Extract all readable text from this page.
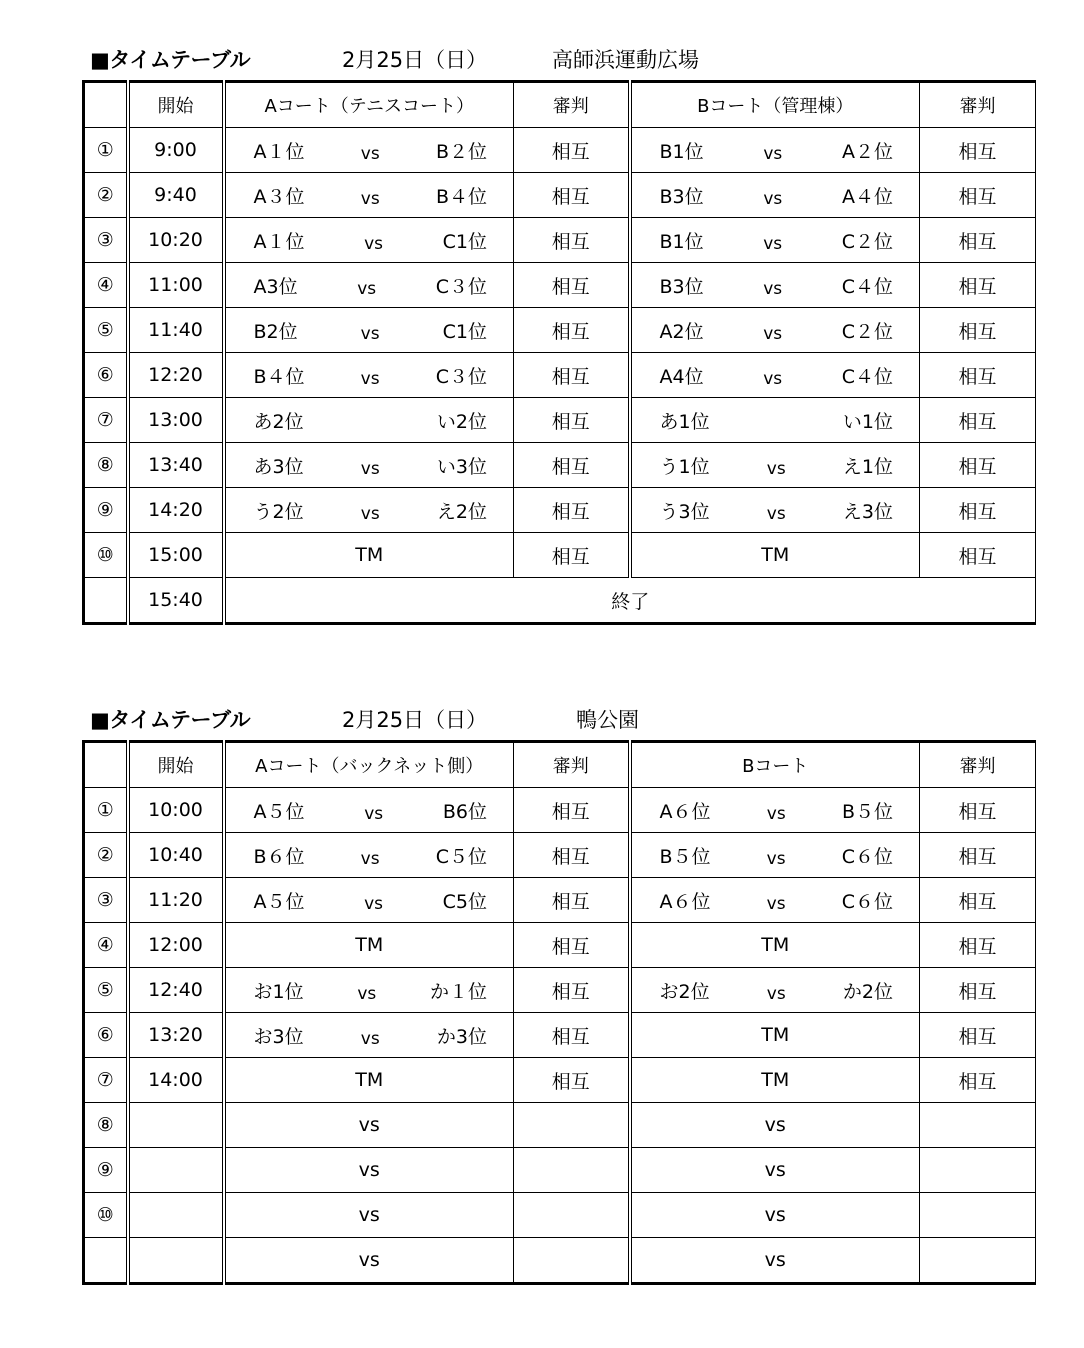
■タイムテーブル	2月25日（日）	高師浜運動広場
	開始	Aコート（テニスコート）	審判	Bコート（管理棟）	審判
①	9:00	A１位 vs B２位	相互	B1位 vs A２位	相互
②	9:40	A３位 vs B４位	相互	B3位 vs A４位	相互
③	10:20	A１位 vs C1位	相互	B1位 vs C２位	相互
④	11:00	A3位 vs C３位	相互	B3位 vs C４位	相互
⑤	11:40	B2位 vs C1位	相互	A2位 vs C２位	相互
⑥	12:20	B４位 vs C３位	相互	A4位 vs C４位	相互
⑦	13:00	あ2位 い2位	相互	あ1位 い1位	相互
⑧	13:40	あ3位 vs い3位	相互	う1位 vs え1位	相互
⑨	14:20	う2位 vs え2位	相互	う3位 vs え3位	相互
⑩	15:00	TM	相互	TM	相互
	15:40	終了			
■タイムテーブル	2月25日（日）	鴨公園
	開始	Aコート（バックネット側）	審判	Bコート	審判
①	10:00	A５位 vs B6位	相互	A６位 vs B５位	相互
②	10:40	B６位 vs C５位	相互	B５位 vs C６位	相互
③	11:20	A５位 vs C5位	相互	A６位 vs C６位	相互
④	12:00	TM	相互	TM	相互
⑤	12:40	お1位 vs か１位	相互	お2位 vs か2位	相互
⑥	13:20	お3位 vs か3位	相互	TM	相互
⑦	14:00	TM	相互	TM	相互
⑧		vs		vs	
⑨		vs		vs	
⑩		vs		vs	
		vs		vs	
